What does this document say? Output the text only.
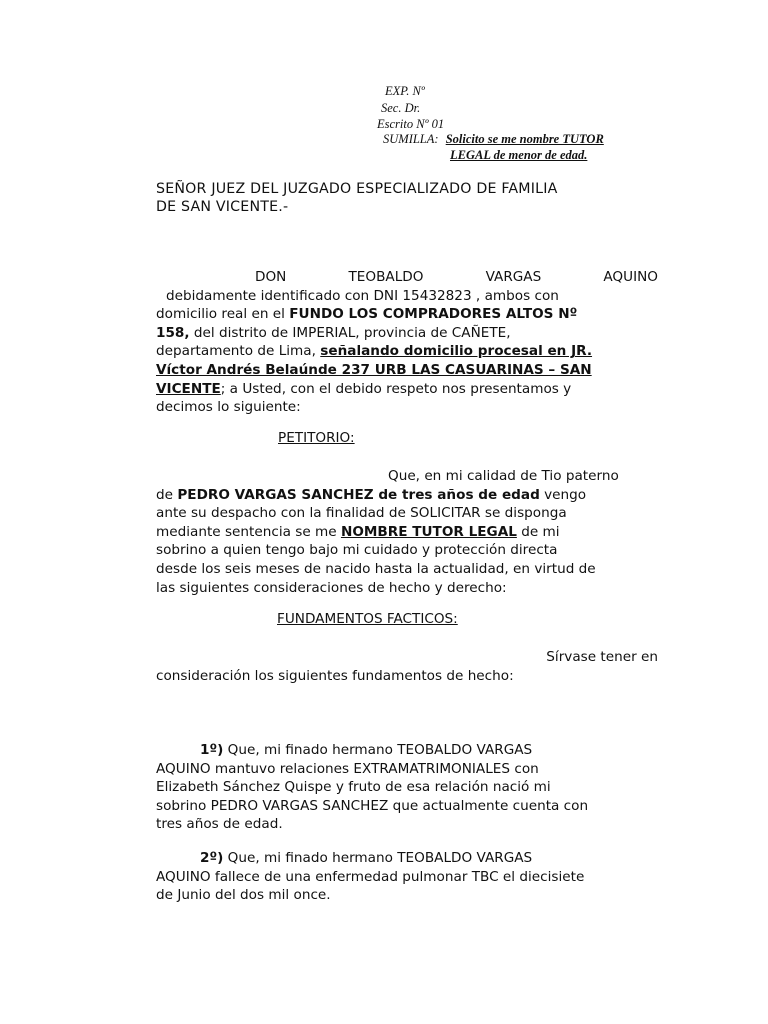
EXP. Nº
Sec. Dr.
Escrito Nº 01
SUMILLA: Solicito se me nombre TUTOR
LEGAL de menor de edad.
SEÑOR JUEZ DEL JUZGADO ESPECIALIZADO DE FAMILIA
DE SAN VICENTE.-
DON	TEOBALDO	VARGAS	AQUINO
debidamente identificado con DNI 15432823 , ambos con
domicilio real en el FUNDO LOS COMPRADORES ALTOS Nº
158, del distrito de IMPERIAL, provincia de CAÑETE,
departamento de Lima, señalando domicilio procesal en JR.
Víctor Andrés Belaúnde 237 URB LAS CASUARINAS – SAN
VICENTE; a Usted, con el debido respeto nos presentamos y
decimos lo siguiente:
PETITORIO:
Que, en mi calidad de Tio paterno
de PEDRO VARGAS SANCHEZ de tres años de edad vengo
ante su despacho con la finalidad de SOLICITAR se disponga
mediante sentencia se me NOMBRE TUTOR LEGAL de mi
sobrino a quien tengo bajo mi cuidado y protección directa
desde los seis meses de nacido hasta la actualidad, en virtud de
las siguientes consideraciones de hecho y derecho:
FUNDAMENTOS FACTICOS:
Sírvase tener en
consideración los siguientes fundamentos de hecho:
1º) Que, mi finado hermano TEOBALDO VARGAS
AQUINO mantuvo relaciones EXTRAMATRIMONIALES con
Elizabeth Sánchez Quispe y fruto de esa relación nació mi
sobrino PEDRO VARGAS SANCHEZ que actualmente cuenta con
tres años de edad.
2º) Que, mi finado hermano TEOBALDO VARGAS
AQUINO fallece de una enfermedad pulmonar TBC el diecisiete
de Junio del dos mil once.
